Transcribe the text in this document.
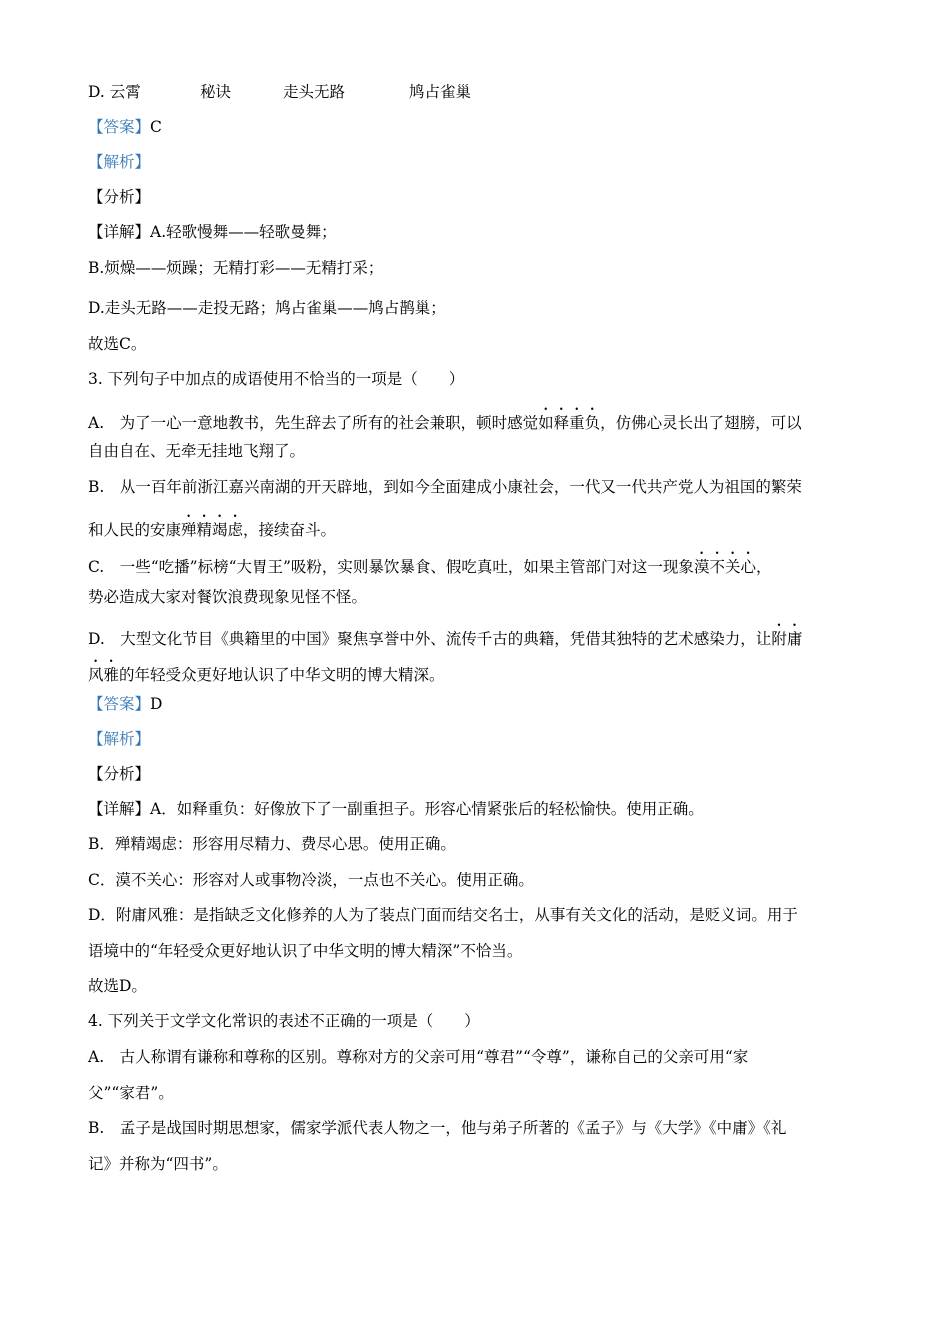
D. 云霄	秘诀	走头无路	鸠占雀巢
【答案】C
【解析】
【分析】
【详解】A.轻歌慢舞——轻歌曼舞；
B.烦燥——烦躁；无精打彩——无精打采；
D.走头无路——走投无路；鸠占雀巢——鸠占鹊巢；
故选C。
3. 下列句子中加点的成语使用不恰当的一项是（　　）
A.　为了一心一意地教书，先生辞去了所有的社会兼职，顿时感觉如释重负，仿佛心灵长出了翅膀，可以
自由自在、无牵无挂地飞翔了。
B.　从一百年前浙江嘉兴南湖的开天辟地，到如今全面建成小康社会，一代又一代共产党人为祖国的繁荣
和人民的安康殚精竭虑，接续奋斗。
C.　一些“吃播”标榜“大胃王”吸粉，实则暴饮暴食、假吃真吐，如果主管部门对这一现象漠不关心，
势必造成大家对餐饮浪费现象见怪不怪。
D.　大型文化节目《典籍里的中国》聚焦享誉中外、流传千古的典籍，凭借其独特的艺术感染力，让附庸
风雅的年轻受众更好地认识了中华文明的博大精深。
【答案】D
【解析】
【分析】
【详解】A．如释重负：好像放下了一副重担子。形容心情紧张后的轻松愉快。使用正确。
B．殚精竭虑：形容用尽精力、费尽心思。使用正确。
C．漠不关心：形容对人或事物冷淡，一点也不关心。使用正确。
D．附庸风雅：是指缺乏文化修养的人为了装点门面而结交名士，从事有关文化的活动，是贬义词。用于
语境中的“年轻受众更好地认识了中华文明的博大精深”不恰当。
故选D。
4. 下列关于文学文化常识的表述不正确的一项是（　　）
A.　古人称谓有谦称和尊称的区别。尊称对方的父亲可用“尊君”“令尊”，谦称自己的父亲可用“家
父”“家君”。
B.　孟子是战国时期思想家，儒家学派代表人物之一，他与弟子所著的《孟子》与《大学》《中庸》《礼
记》并称为“四书”。
